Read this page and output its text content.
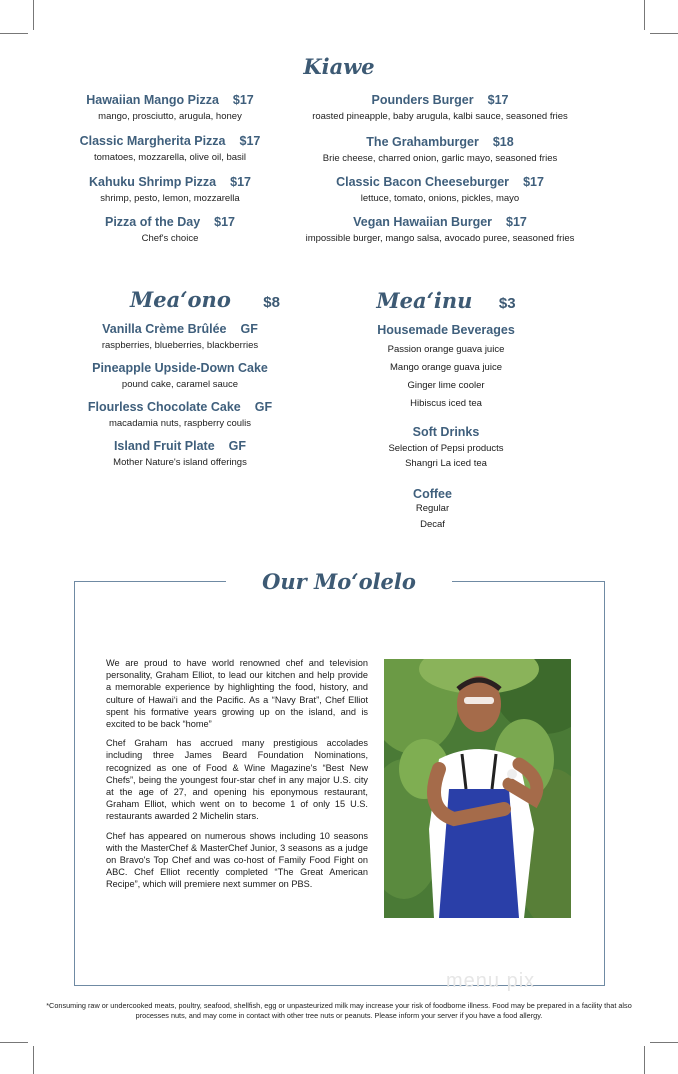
Kiawe
Hawaiian Mango Pizza $17
mango, prosciutto, arugula, honey
Classic Margherita Pizza $17
tomatoes, mozzarella, olive oil, basil
Kahuku Shrimp Pizza $17
shrimp, pesto, lemon, mozzarella
Pizza of the Day $17
Chef's choice
Pounders Burger $17
roasted pineapple, baby arugula, kalbi sauce, seasoned fries
The Grahamburger $18
Brie cheese, charred onion, garlic mayo, seasoned fries
Classic Bacon Cheeseburger $17
lettuce, tomato, onions, pickles, mayo
Vegan Hawaiian Burger $17
impossible burger, mango salsa, avocado puree, seasoned fries
Mea‘ono $8
Vanilla Crème Brûlée GF
raspberries, blueberries, blackberries
Pineapple Upside-Down Cake
pound cake, caramel sauce
Flourless Chocolate Cake GF
macadamia nuts, raspberry coulis
Island Fruit Plate GF
Mother Nature's island offerings
Mea‘inu $3
Housemade Beverages
Passion orange guava juice
Mango orange guava juice
Ginger lime cooler
Hibiscus iced tea
Soft Drinks
Selection of Pepsi products
Shangri La iced tea
Coffee
Regular
Decaf
Our Mo‘olelo

We are proud to have world renowned chef and television personality, Graham Elliot, to lead our kitchen and help provide a memorable experience by highlighting the food, history, and culture of Hawai‘i and the Pacific. As a “Navy Brat”, Chef Elliot spent his formative years growing up on the island, and is excited to be back “home”

Chef Graham has accrued many prestigious accolades including three James Beard Foundation Nominations, recognized as one of Food & Wine Magazine's “Best New Chefs”, being the youngest four-star chef in any major U.S. city at the age of 27, and opening his eponymous restaurant, Graham Elliot, which went on to become 1 of only 15 U.S. restaurants awarded 2 Michelin stars.

Chef has appeared on numerous shows including 10 seasons with the MasterChef & MasterChef Junior, 3 seasons as a judge on Bravo's Top Chef and was co-host of Family Food Fight on ABC. Chef Elliot recently completed “The Great American Recipe”, which will premiere next summer on PBS.

menu pix
*Consuming raw or undercooked meats, poultry, seafood, shellfish, egg or unpasteurized milk may increase your risk of foodborne illness. Food may be prepared in a facility that also processes nuts, and may come in contact with other tree nuts or peanuts. Please inform your server if you have a food allergy.
